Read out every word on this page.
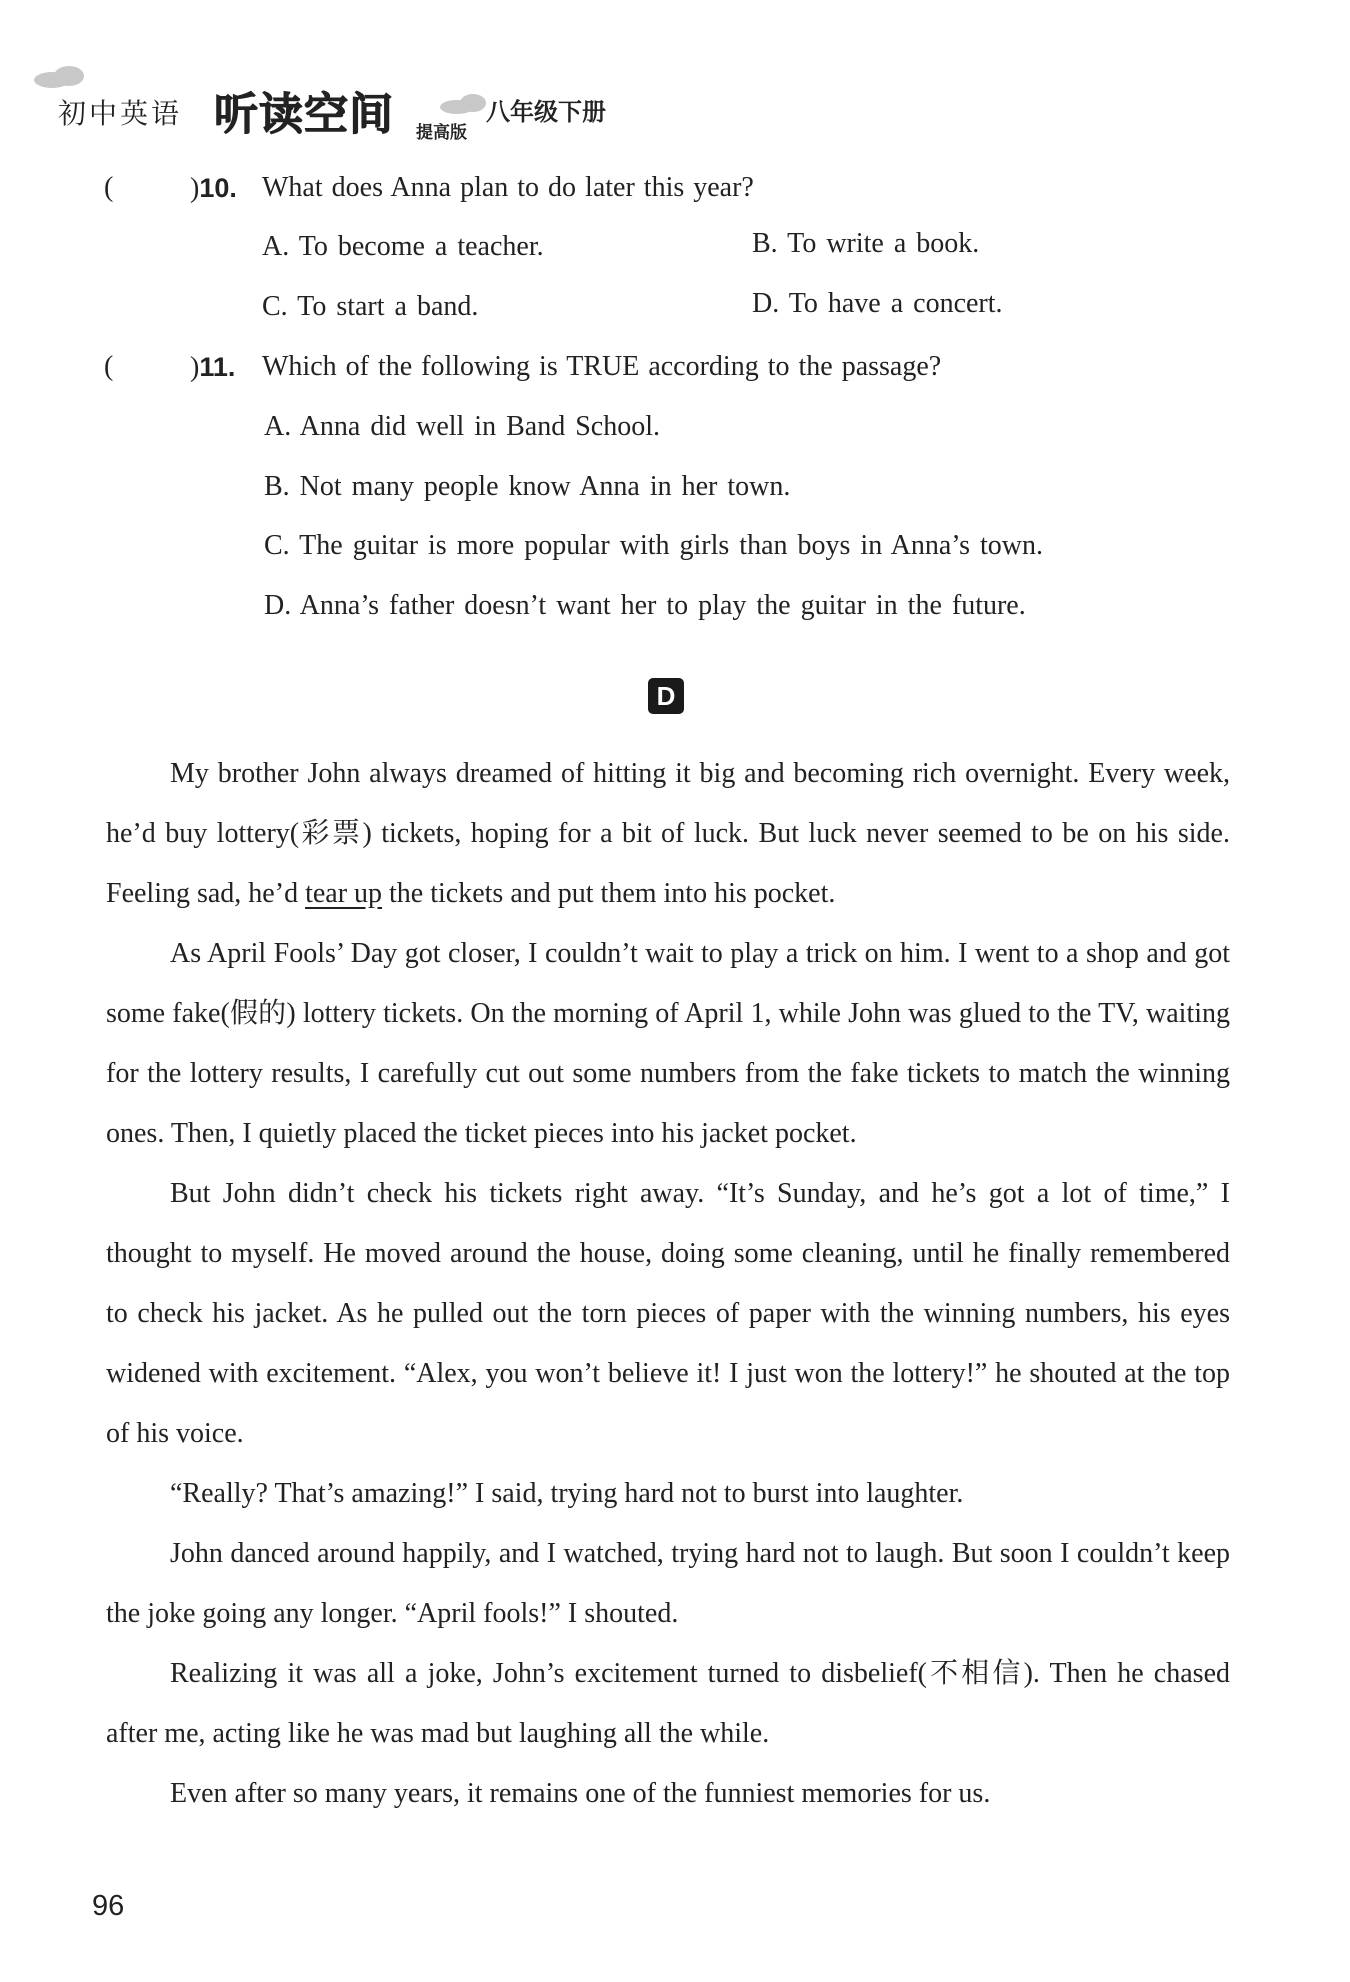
初中英语 听读空间 提高版
八年级下册
(	)10. What does Anna plan to do later this year?
A. To become a teacher.	B. To write a book.
C. To start a band.	D. To have a concert.
(	)11. Which of the following is TRUE according to the passage?
A. Anna did well in Band School.
B. Not many people know Anna in her town.
C. The guitar is more popular with girls than boys in Anna’s town.
D. Anna’s father doesn’t want her to play the guitar in the future.
D

My brother John always dreamed of hitting it big and becoming rich overnight. Every week, he’d buy lottery(彩票) tickets, hoping for a bit of luck. But luck never seemed to be on his side. Feeling sad, he’d tear up the tickets and put them into his pocket.

As April Fools’ Day got closer, I couldn’t wait to play a trick on him. I went to a shop and got some fake(假的) lottery tickets. On the morning of April 1, while John was glued to the TV, waiting for the lottery results, I carefully cut out some numbers from the fake tickets to match the winning ones. Then, I quietly placed the ticket pieces into his jacket pocket.

But John didn’t check his tickets right away. “It’s Sunday, and he’s got a lot of time,” I thought to myself. He moved around the house, doing some cleaning, until he finally remembered to check his jacket. As he pulled out the torn pieces of paper with the winning numbers, his eyes widened with excitement. “Alex, you won’t believe it! I just won the lottery!” he shouted at the top of his voice.

“Really? That’s amazing!” I said, trying hard not to burst into laughter.

John danced around happily, and I watched, trying hard not to laugh. But soon I couldn’t keep the joke going any longer. “April fools!” I shouted.

Realizing it was all a joke, John’s excitement turned to disbelief(不相信). Then he chased after me, acting like he was mad but laughing all the while.

Even after so many years, it remains one of the funniest memories for us.

96
